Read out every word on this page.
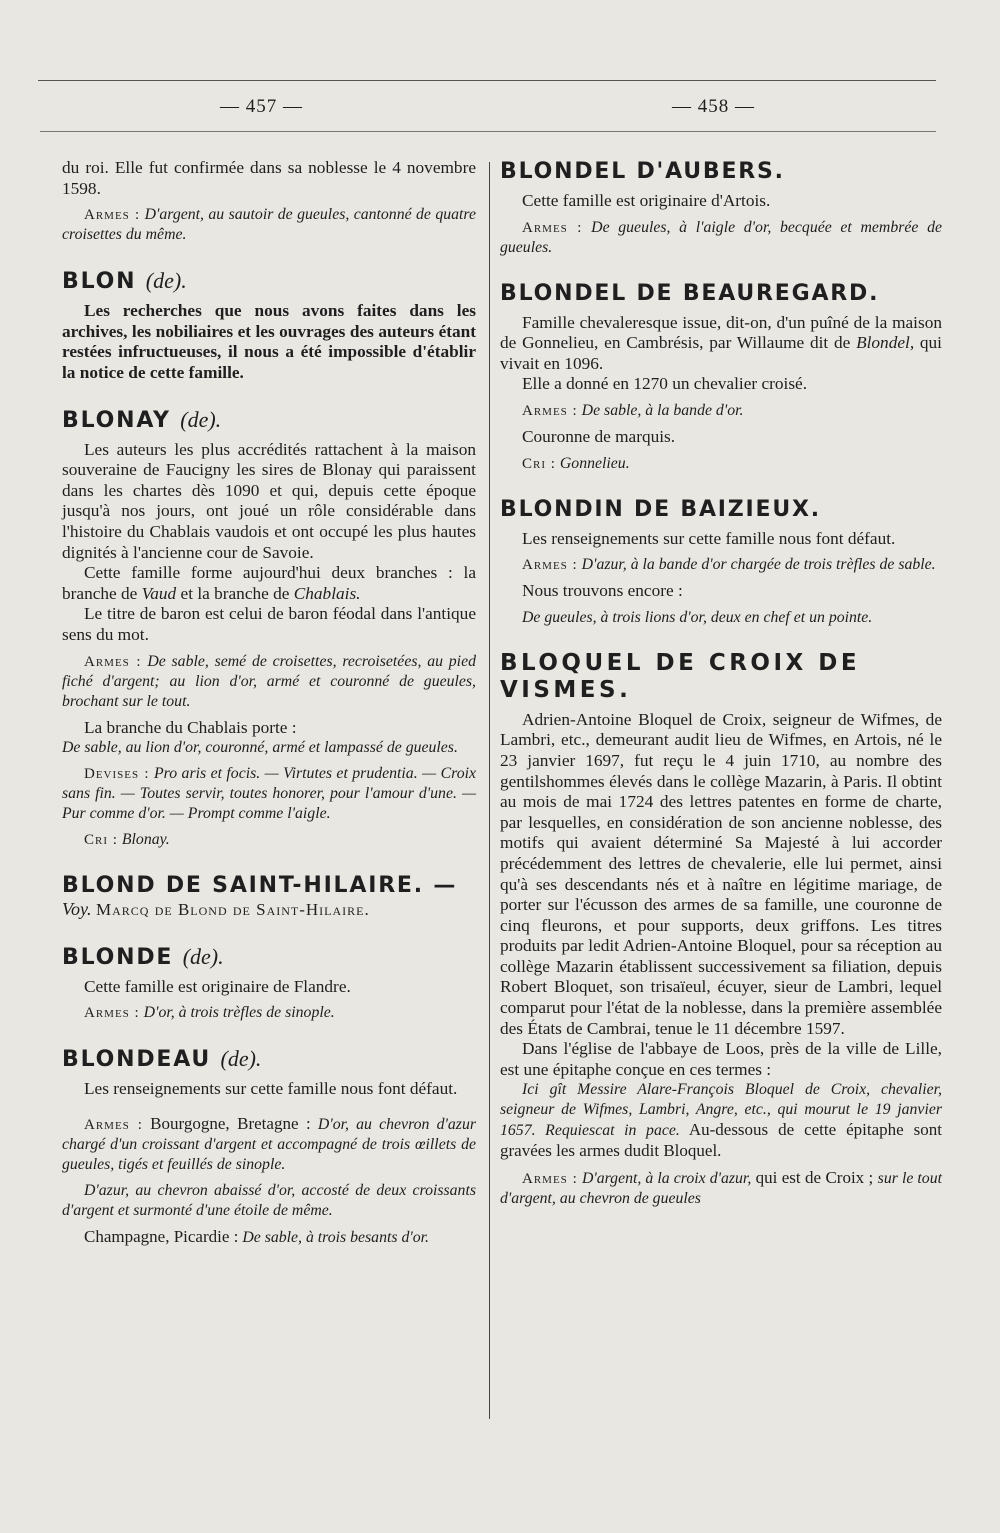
— 457 —	— 458 —

du roi. Elle fut confirmée dans sa noblesse le 4 novembre 1598.

Armes : D'argent, au sautoir de gueules, cantonné de quatre croisettes du même.

BLON (de).

Les recherches que nous avons faites dans les archives, les nobiliaires et les ouvrages des auteurs étant restées infructueuses, il nous a été impossible d'établir la notice de cette famille.

BLONAY (de).

Les auteurs les plus accrédités rattachent à la maison souveraine de Faucigny les sires de Blonay qui paraissent dans les chartes dès 1090 et qui, depuis cette époque jusqu'à nos jours, ont joué un rôle considérable dans l'histoire du Chablais vaudois et ont occupé les plus hautes dignités à l'ancienne cour de Savoie.

Cette famille forme aujourd'hui deux branches : la branche de Vaud et la branche de Chablais.

Le titre de baron est celui de baron féodal dans l'antique sens du mot.

Armes : De sable, semé de croisettes, recroisetées, au pied fiché d'argent; au lion d'or, armé et couronné de gueules, brochant sur le tout.

La branche du Chablais porte :

De sable, au lion d'or, couronné, armé et lampassé de gueules.

Devises : Pro aris et focis. — Virtutes et prudentia. — Croix sans fin. — Toutes servir, toutes honorer, pour l'amour d'une. — Pur comme d'or. — Prompt comme l'aigle.

Cri : Blonay.

BLOND DE SAINT-HILAIRE. —

Voy. Marcq de Blond de Saint-Hilaire.

BLONDE (de).

Cette famille est originaire de Flandre.

Armes : D'or, à trois trèfles de sinople.

BLONDEAU (de).

Les renseignements sur cette famille nous font défaut.

Armes : Bourgogne, Bretagne : D'or, au chevron d'azur chargé d'un croissant d'argent et accompagné de trois œillets de gueules, tigés et feuillés de sinople.

D'azur, au chevron abaissé d'or, accosté de deux croissants d'argent et surmonté d'une étoile de même.

Champagne, Picardie : De sable, à trois besants d'or.

BLONDEL D'AUBERS.

Cette famille est originaire d'Artois.

Armes : De gueules, à l'aigle d'or, becquée et membrée de gueules.

BLONDEL DE BEAUREGARD.

Famille chevaleresque issue, dit-on, d'un puîné de la maison de Gonnelieu, en Cambrésis, par Willaume dit de Blondel, qui vivait en 1096.

Elle a donné en 1270 un chevalier croisé.

Armes : De sable, à la bande d'or.

Couronne de marquis.

Cri : Gonnelieu.

BLONDIN DE BAIZIEUX.

Les renseignements sur cette famille nous font défaut.

Armes : D'azur, à la bande d'or chargée de trois trèfles de sable.

Nous trouvons encore :

De gueules, à trois lions d'or, deux en chef et un pointe.

BLOQUEL DE CROIX DE VISMES.

Adrien-Antoine Bloquel de Croix, seigneur de Wifmes, de Lambri, etc., demeurant audit lieu de Wifmes, en Artois, né le 23 janvier 1697, fut reçu le 4 juin 1710, au nombre des gentilshommes élevés dans le collège Mazarin, à Paris. Il obtint au mois de mai 1724 des lettres patentes en forme de charte, par lesquelles, en considération de son ancienne noblesse, des motifs qui avaient déterminé Sa Majesté à lui accorder précédemment des lettres de chevalerie, elle lui permet, ainsi qu'à ses descendants nés et à naître en légitime mariage, de porter sur l'écusson des armes de sa famille, une couronne de cinq fleurons, et pour supports, deux griffons. Les titres produits par ledit Adrien-Antoine Bloquel, pour sa réception au collège Mazarin établissent successivement sa filiation, depuis Robert Bloquet, son trisaïeul, écuyer, sieur de Lambri, lequel comparut pour l'état de la noblesse, dans la première assemblée des États de Cambrai, tenue le 11 décembre 1597.

Dans l'église de l'abbaye de Loos, près de la ville de Lille, est une épitaphe conçue en ces termes :

Ici gît Messire Alare-François Bloquel de Croix, chevalier, seigneur de Wifmes, Lambri, Angre, etc., qui mourut le 19 janvier 1657. Requiescat in pace. Au-dessous de cette épitaphe sont gravées les armes dudit Bloquel.

Armes : D'argent, à la croix d'azur, qui est de Croix ; sur le tout d'argent, au chevron de gueules
